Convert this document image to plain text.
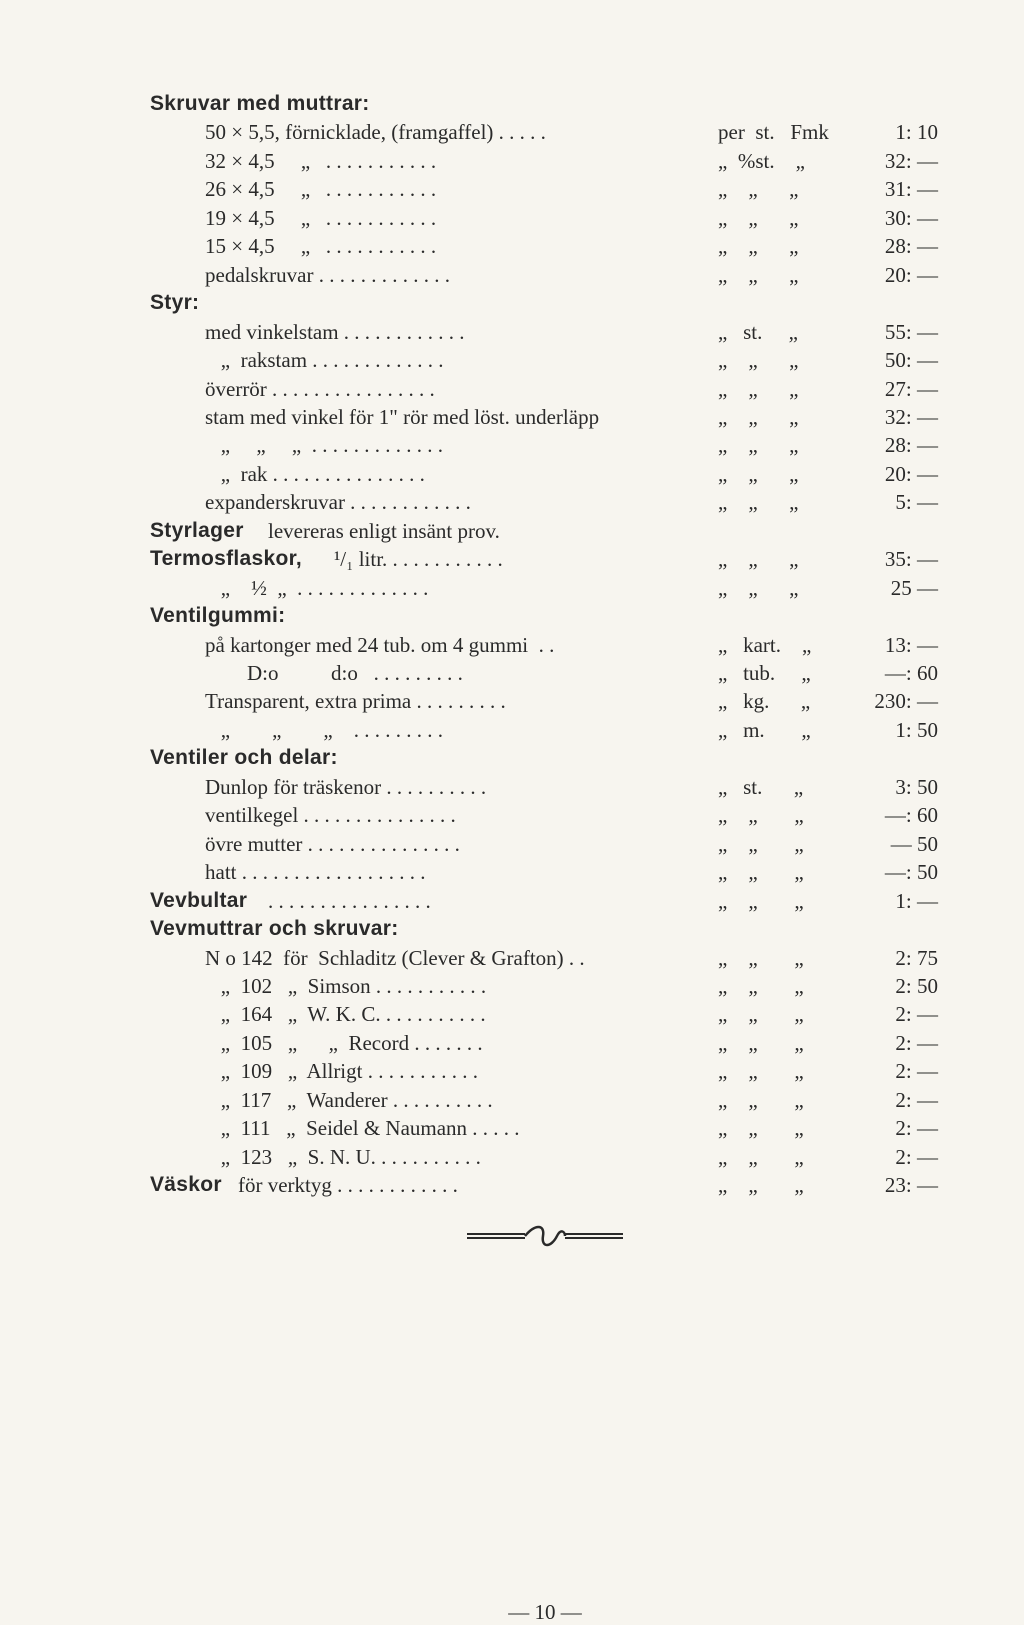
Skruvar med muttrar:
50 × 5,5, förnicklade, (framgaffel) . . . . .	per  st.   Fmk	1: 10
32 × 4,5     „   . . . . . . . . . . .	„  %st.    „	32: —
26 × 4,5     „   . . . . . . . . . . .	„    „      „	31: —
19 × 4,5     „   . . . . . . . . . . .	„    „      „	30: —
15 × 4,5     „   . . . . . . . . . . .	„    „      „	28: —
pedalskruvar . . . . . . . . . . . . .	„    „      „	20: —
Styr:
med vinkelstam . . . . . . . . . . . .	„   st.     „	55: —
„  rakstam . . . . . . . . . . . . .	„    „      „	50: —
överrör . . . . . . . . . . . . . . . .	„    „      „	27: —
stam med vinkel för 1" rör med löst. underläpp	„    „      „	32: —
„     „     „  . . . . . . . . . . . . .	„    „      „	28: —
„  rak . . . . . . . . . . . . . . .	„    „      „	20: —
expanderskruvar . . . . . . . . . . . .	„    „      „	5: —
Styrlager levereras enligt insänt prov.
Termosflaskor, ¹/₁ litr. . . . . . . . . . . .	„    „      „	35: —
„    ½  „  . . . . . . . . . . . . .	„    „      „	25 —
Ventilgummi:
på kartonger med 24 tub. om 4 gummi  . .	„   kart.    „	13: —
D:o          d:o   . . . . . . . . .	„   tub.     „	—: 60
Transparent, extra prima . . . . . . . . .	„   kg.      „	230: —
„        „        „    . . . . . . . . .	„   m.       „	1: 50
Ventiler och delar:
Dunlop för träskenor . . . . . . . . . .	„   st.      „	3: 50
ventilkegel . . . . . . . . . . . . . . .	„    „       „	—: 60
övre mutter . . . . . . . . . . . . . . .	„    „       „	— 50
hatt . . . . . . . . . . . . . . . . . .	„    „       „	—: 50
Vevbultar . . . . . . . . . . . . . . . .	„    „       „	1: —
Vevmuttrar och skruvar:
N o 142  för  Schladitz (Clever & Grafton) . .	„    „       „	2: 75
„  102   „  Simson . . . . . . . . . . .	„    „       „	2: 50
„  164   „  W. K. C. . . . . . . . . . .	„    „       „	2: —
„  105   „      „  Record . . . . . . .	„    „       „	2: —
„  109   „  Allrigt . . . . . . . . . . .	„    „       „	2: —
„  117   „  Wanderer . . . . . . . . . .	„    „       „	2: —
„  111   „  Seidel & Naumann . . . . .	„    „       „	2: —
„  123   „  S. N. U. . . . . . . . . . .	„    „       „	2: —
Väskor för verktyg . . . . . . . . . . . .	„    „       „	23: —
— 10 —
